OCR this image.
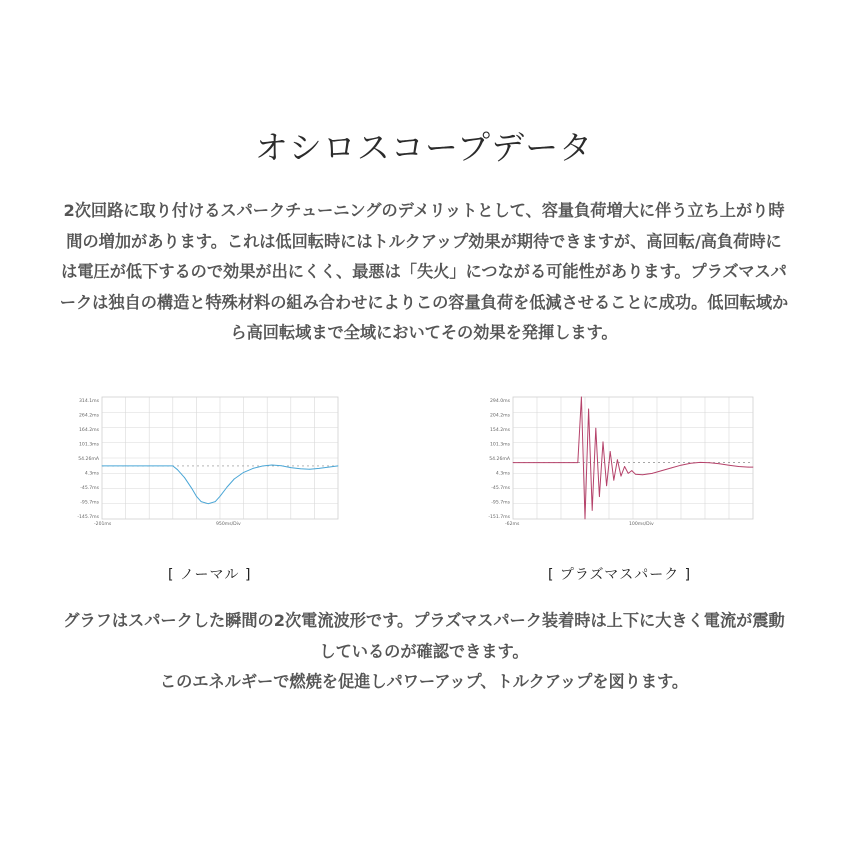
オシロスコープデータ
2次回路に取り付けるスパークチューニングのデメリットとして、容量負荷増大に伴う立ち上がり時
間の増加があります。これは低回転時にはトルクアップ効果が期待できますが、高回転/高負荷時に
は電圧が低下するので効果が出にくく、最悪は「失火」につながる可能性があります。プラズマスパ
ークは独自の構造と特殊材料の組み合わせによりこの容量負荷を低減させることに成功。低回転域か
ら高回転域まで全域においてその効果を発揮します。
314.1ms
264.2ms
164.2ms
101.3ms
54.26mA
4.3ms
-45.7ms
-95.7ms
-145.7ms
-201ms	950ms/Div
294.0ms
204.2ms
154.2ms
101.3ms
54.26mA
4.3ms
-45.7ms
-95.7ms
-151.7ms
-62ms	100ms/Div
[ ノーマル ]	[ プラズマスパーク ]
グラフはスパークした瞬間の2次電流波形です。プラズマスパーク装着時は上下に大きく電流が震動
しているのが確認できます。
このエネルギーで燃焼を促進しパワーアップ、トルクアップを図ります。
